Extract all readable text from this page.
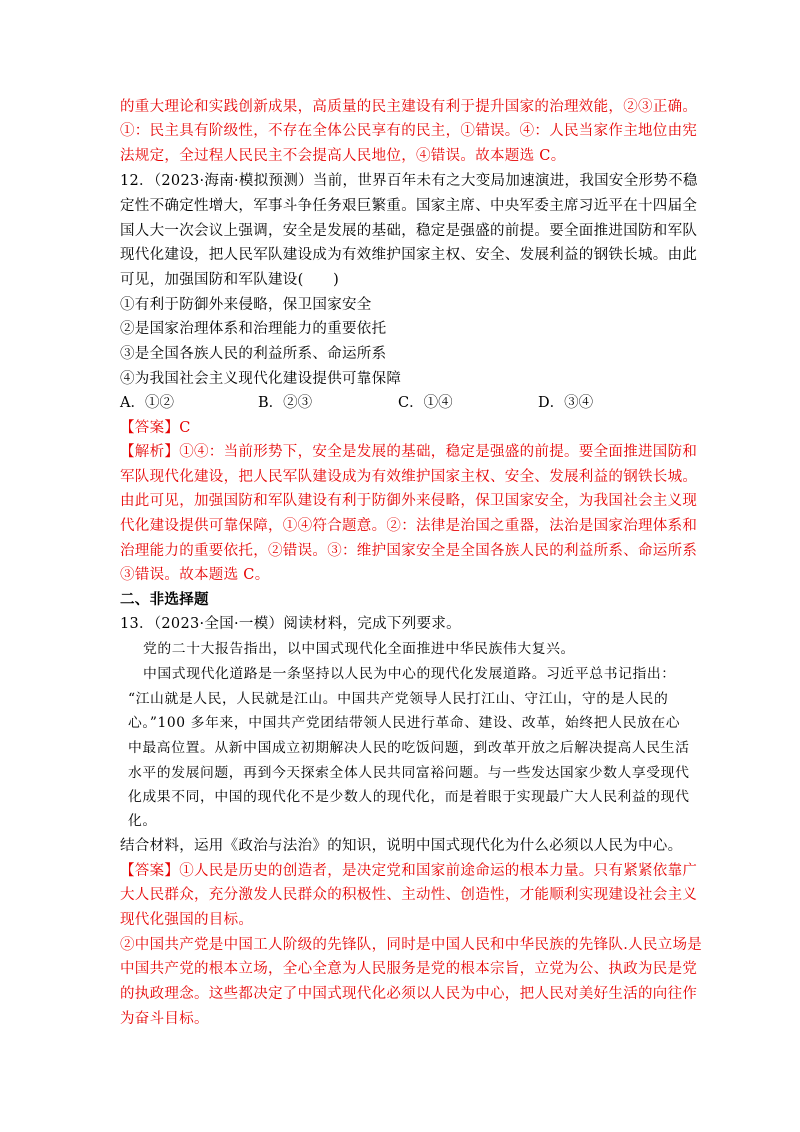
的重大理论和实践创新成果，高质量的民主建设有利于提升国家的治理效能，②③正确。
①：民主具有阶级性，不存在全体公民享有的民主，①错误。④：人民当家作主地位由宪
法规定，全过程人民民主不会提高人民地位，④错误。故本题选 C。
12．（2023·海南·模拟预测）当前，世界百年未有之大变局加速演进，我国安全形势不稳
定性不确定性增大，军事斗争任务艰巨繁重。国家主席、中央军委主席习近平在十四届全
国人大一次会议上强调，安全是发展的基础，稳定是强盛的前提。要全面推进国防和军队
现代化建设，把人民军队建设成为有效维护国家主权、安全、发展利益的钢铁长城。由此
可见，加强国防和军队建设(　　)
①有利于防御外来侵略，保卫国家安全
②是国家治理体系和治理能力的重要依托
③是全国各族人民的利益所系、命运所系
④为我国社会主义现代化建设提供可靠保障
A．①②	B．②③	C．①④	D．③④
【答案】C
【解析】①④：当前形势下，安全是发展的基础，稳定是强盛的前提。要全面推进国防和
军队现代化建设，把人民军队建设成为有效维护国家主权、安全、发展利益的钢铁长城。
由此可见，加强国防和军队建设有利于防御外来侵略，保卫国家安全，为我国社会主义现
代化建设提供可靠保障，①④符合题意。②：法律是治国之重器，法治是国家治理体系和
治理能力的重要依托，②错误。③：维护国家安全是全国各族人民的利益所系、命运所系
③错误。故本题选 C。
二、非选择题
13．（2023·全国·一模）阅读材料，完成下列要求。
党的二十大报告指出，以中国式现代化全面推进中华民族伟大复兴。
中国式现代化道路是一条坚持以人民为中心的现代化发展道路。习近平总书记指出：
“江山就是人民，人民就是江山。中国共产党领导人民打江山、守江山，守的是人民的
心。”100 多年来，中国共产党团结带领人民进行革命、建设、改革，始终把人民放在心
中最高位置。从新中国成立初期解决人民的吃饭问题，到改革开放之后解决提高人民生活
水平的发展问题，再到今天探索全体人民共同富裕问题。与一些发达国家少数人享受现代
化成果不同，中国的现代化不是少数人的现代化，而是着眼于实现最广大人民利益的现代
化。
结合材料，运用《政治与法治》的知识，说明中国式现代化为什么必须以人民为中心。
【答案】①人民是历史的创造者，是决定党和国家前途命运的根本力量。只有紧紧依靠广
大人民群众，充分激发人民群众的积极性、主动性、创造性，才能顺利实现建设社会主义
现代化强国的目标。
②中国共产党是中国工人阶级的先锋队，同时是中国人民和中华民族的先锋队.人民立场是
中国共产党的根本立场，全心全意为人民服务是党的根本宗旨，立党为公、执政为民是党
的执政理念。这些都决定了中国式现代化必须以人民为中心，把人民对美好生活的向往作
为奋斗目标。
